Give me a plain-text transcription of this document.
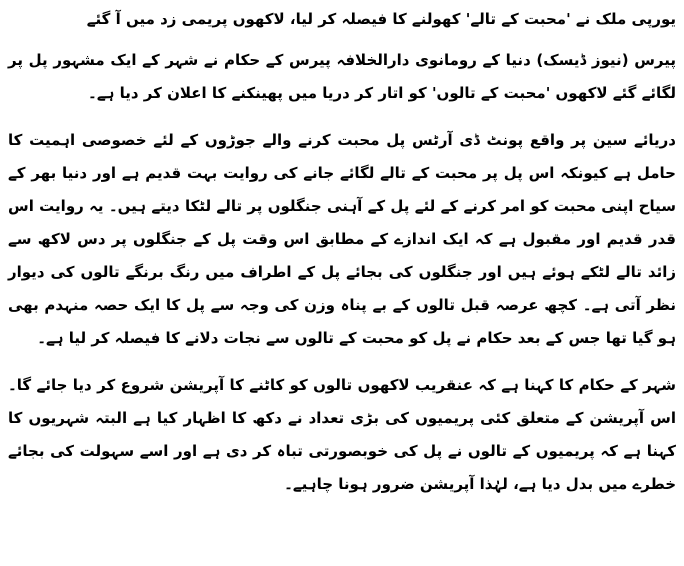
یورپی ملک نے 'محبت کے تالے' کھولنے کا فیصلہ کر لیا، لاکھوں پریمی زد میں آ گئے

پیرس (نیوز ڈیسک) دنیا کے رومانوی دارالخلافہ پیرس کے حکام نے شہر کے ایک مشہور پل پر لگائے گئے لاکھوں 'محبت کے تالوں' کو اتار کر دریا میں پھینکنے کا اعلان کر دیا ہے۔

دریائے سین پر واقع پونٹ ڈی آرٹس پل محبت کرنے والے جوڑوں کے لئے خصوصی اہمیت کا حامل ہے کیونکہ اس پل پر محبت کے تالے لگائے جانے کی روایت بہت قدیم ہے اور دنیا بھر کے سیاح اپنی محبت کو امر کرنے کے لئے پل کے آہنی جنگلوں پر تالے لٹکا دیتے ہیں۔ یہ روایت اس قدر قدیم اور مقبول ہے کہ ایک اندازے کے مطابق اس وقت پل کے جنگلوں پر دس لاکھ سے زائد تالے لٹکے ہوئے ہیں اور جنگلوں کی بجائے پل کے اطراف میں رنگ برنگے تالوں کی دیوار نظر آتی ہے۔ کچھ عرصہ قبل تالوں کے بے پناہ وزن کی وجہ سے پل کا ایک حصہ منہدم بھی ہو گیا تھا جس کے بعد حکام نے پل کو محبت کے تالوں سے نجات دلانے کا فیصلہ کر لیا ہے۔

شہر کے حکام کا کہنا ہے کہ عنقریب لاکھوں تالوں کو کاٹنے کا آپریشن شروع کر دیا جائے گا۔ اس آپریشن کے متعلق کئی پریمیوں کی بڑی تعداد نے دکھ کا اظہار کیا ہے البتہ شہریوں کا کہنا ہے کہ پریمیوں کے تالوں نے پل کی خوبصورتی تباہ کر دی ہے اور اسے سہولت کی بجائے خطرے میں بدل دیا ہے، لہٰذا آپریشن ضرور ہونا چاہیے۔
